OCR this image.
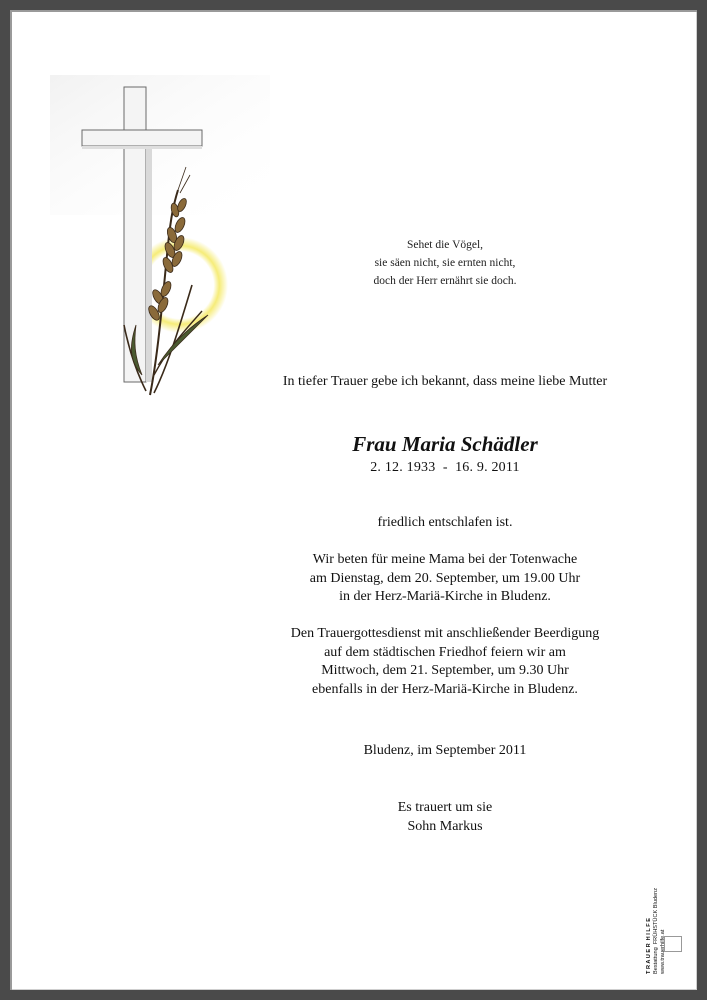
Sehet die Vögel,
sie säen nicht, sie ernten nicht,
doch der Herr ernährt sie doch.
In tiefer Trauer gebe ich bekannt, dass meine liebe Mutter
Frau Maria Schädler
2. 12. 1933  -  16. 9. 2011

friedlich entschlafen ist.

Wir beten für meine Mama bei der Totenwache
am Dienstag, dem 20. September, um 19.00 Uhr
in der Herz-Mariä-Kirche in Bludenz.

Den Trauergottesdienst mit anschließender Beerdigung
auf dem städtischen Friedhof feiern wir am
Mittwoch, dem 21. September, um 9.30 Uhr
ebenfalls in der Herz-Mariä-Kirche in Bludenz.

Bludenz, im September 2011
Es trauert um sie
Sohn Markus
T R A U E R
H I L F E
Bestattung
FRÜHSTÜCK Bludenz
www.trauerhilfe.at
